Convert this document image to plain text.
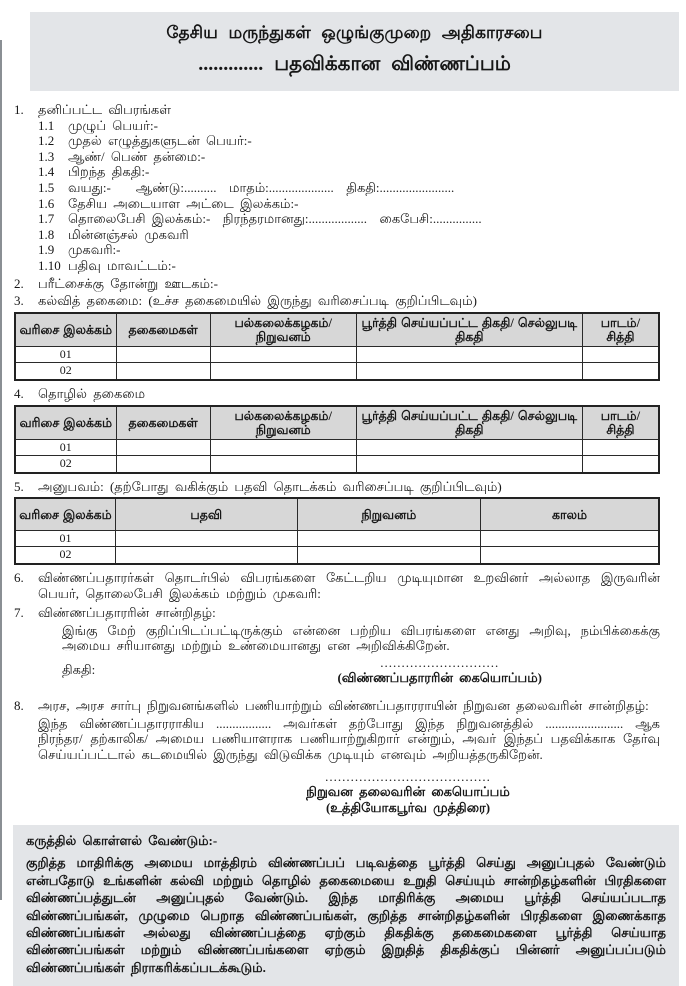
தேசிய மருந்துகள் ஒழுங்குமுறை அதிகாரசபை
............. பதவிக்கான விண்ணப்பம்
1.	தனிப்பட்ட விபரங்கள்
1.1	முழுப் பெயர்:-
1.2	முதல் எழுத்துகளுடன் பெயர்:-
1.3	ஆண்/ பெண் தன்மை:-
1.4	பிறந்த திகதி:-
1.5	வயது:-    ஆண்டு:..........  மாதம்:....................  திகதி:.......................
1.6	தேசிய அடையாள அட்டை இலக்கம்:-
1.7	தொலைபேசி இலக்கம்:-  நிரந்தரமானது:..................  கைபேசி:...............
1.8	மின்னஞ்சல் முகவரி
1.9	முகவரி:-
1.10 பதிவு மாவட்டம்:-
2.	பரீட்சைக்கு தோன்று ஊடகம்:-
3.	கல்வித் தகைமை: (உச்ச தகைமையில் இருந்து வரிசைப்படி குறிப்பிடவும்)
வரிசை இலக்கம்	தகைமைகள்	பல்கலைக்கழகம்/ நிறுவனம்	பூர்த்தி செய்யப்பட்ட திகதி/ செல்லுபடி திகதி	பாடம்/ சித்தி
01				
02				
4.	தொழில் தகைமை
வரிசை இலக்கம்	தகைமைகள்	பல்கலைக்கழகம்/ நிறுவனம்	பூர்த்தி செய்யப்பட்ட திகதி/ செல்லுபடி திகதி	பாடம்/ சித்தி
01				
02				
5.	அனுபவம்: (தற்போது வகிக்கும் பதவி தொடக்கம் வரிசைப்படி குறிப்பிடவும்)
வரிசை இலக்கம்	பதவி	நிறுவனம்	காலம்
01			
02			
6.	விண்ணப்பதாரர்கள் தொடர்பில் விபரங்களை கேட்டறிய முடியுமான உறவினர் அல்லாத இருவரின் பெயர், தொலைபேசி இலக்கம் மற்றும் முகவரி:
7.	விண்ணப்பதாரரின் சான்றிதழ்:
இங்கு மேற் குறிப்பிடப்பட்டிருக்கும் என்னை பற்றிய விபரங்களை எனது அறிவு, நம்பிக்கைக்கு அமைய சரியானது மற்றும் உண்மையானது என அறிவிக்கிறேன்.
திகதி:	............................
(விண்ணப்பதாரரின் கையொப்பம்)
8.	அரச, அரச சார்பு நிறுவனங்களில் பணியாற்றும் விண்ணப்பதாரராயின் நிறுவன தலைவரின் சான்றிதழ்:
இந்த விண்ணப்பதாரராகிய ................. அவர்கள் தற்போது இந்த நிறுவனத்தில் ........................ ஆக நிரந்தர/ தற்காலிக/ அமைய பணியாளராக பணியாற்றுகிறார் என்றும், அவர் இந்தப் பதவிக்காக தேர்வு செய்யப்பட்டால் கடமையில் இருந்து விடுவிக்க முடியும் எனவும் அறியத்தருகிறேன்.
.......................................
நிறுவன தலைவரின் கையொப்பம்
(உத்தியோகபூர்வ முத்திரை)
கருத்தில் கொள்ளல் வேண்டும்:-
குறித்த மாதிரிக்கு அமைய மாத்திரம் விண்ணப்பப் படிவத்தை பூர்த்தி செய்து அனுப்புதல் வேண்டும் என்பதோடு உங்களின் கல்வி மற்றும் தொழில் தகைமையை உறுதி செய்யும் சான்றிதழ்களின் பிரதிகளை விண்ணப்பத்துடன் அனுப்புதல் வேண்டும். இந்த மாதிரிக்கு அமைய பூர்த்தி செய்யப்படாத விண்ணப்பங்கள், முழுமை பெறாத விண்ணப்பங்கள், குறித்த சான்றிதழ்களின் பிரதிகளை இணைக்காத விண்ணப்பங்கள் அல்லது விண்ணப்பத்தை ஏற்கும் திகதிக்கு தகைமைகளை பூர்த்தி செய்யாத விண்ணப்பங்கள் மற்றும் விண்ணப்பங்களை ஏற்கும் இறுதித் திகதிக்குப் பின்னர் அனுப்பப்படும் விண்ணப்பங்கள் நிராகரிக்கப்படக்கூடும்.
